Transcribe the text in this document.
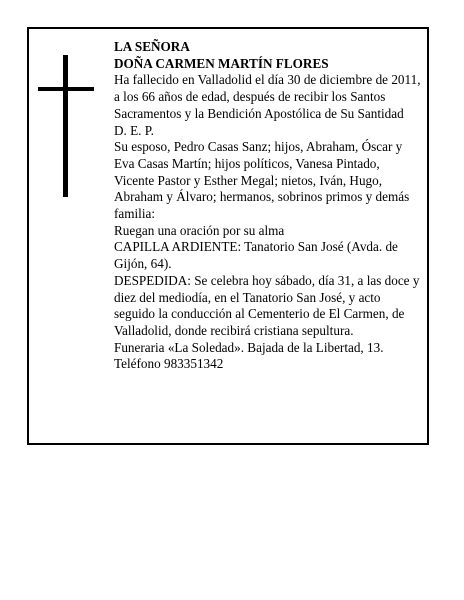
LA SEÑORA

DOÑA CARMEN MARTÍN FLORES

Ha fallecido en Valladolid el día 30 de diciembre de 2011, a los 66 años de edad, después de recibir los Santos Sacramentos y la Bendición Apostólica de Su Santidad

D. E. P.

Su esposo, Pedro Casas Sanz; hijos, Abraham, Óscar y Eva Casas Martín; hijos políticos, Vanesa Pintado, Vicente Pastor y Esther Megal; nietos, Iván, Hugo, Abraham y Álvaro; hermanos, sobrinos primos y demás familia:

Ruegan una oración por su alma

CAPILLA ARDIENTE: Tanatorio San José (Avda. de Gijón, 64).

DESPEDIDA: Se celebra hoy sábado, día 31, a las doce y diez del mediodía, en el Tanatorio San José, y acto seguido la conducción al Cementerio de El Carmen, de Valladolid, donde recibirá cristiana sepultura.

Funeraria «La Soledad». Bajada de la Libertad, 13. Teléfono 983351342
